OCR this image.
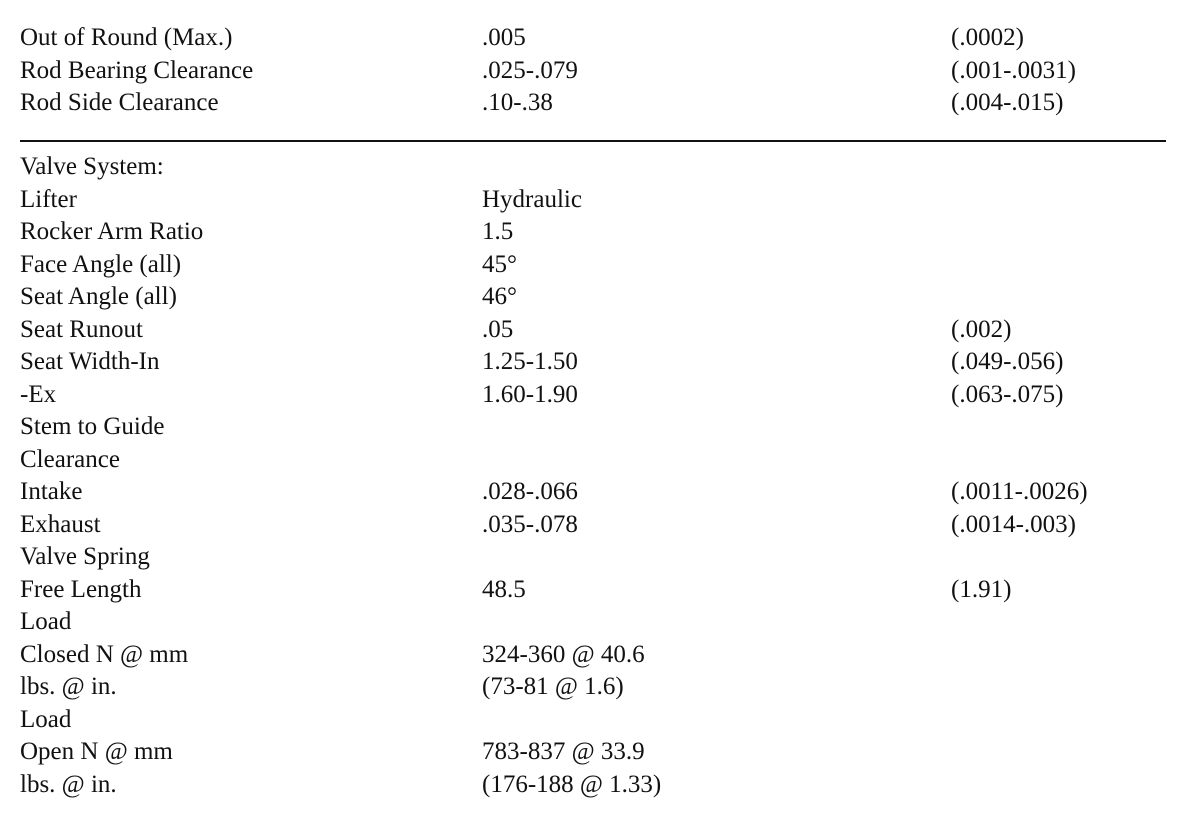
Out of Round (Max.)	.005	(.0002)
Rod Bearing Clearance	.025-.079	(.001-.0031)
Rod Side Clearance	.10-.38	(.004-.015)
Valve System:
Lifter	Hydraulic
Rocker Arm Ratio	1.5
Face Angle (all)	45°
Seat Angle (all)	46°
Seat Runout	.05	(.002)
Seat Width-In	1.25-1.50	(.049-.056)
-Ex	1.60-1.90	(.063-.075)
Stem to Guide
Clearance
Intake	.028-.066	(.0011-.0026)
Exhaust	.035-.078	(.0014-.003)
Valve Spring
Free Length	48.5	(1.91)
Load
Closed N @ mm	324-360 @ 40.6
lbs. @ in.	(73-81 @ 1.6)
Load
Open N @ mm	783-837 @ 33.9
lbs. @ in.	(176-188 @ 1.33)
